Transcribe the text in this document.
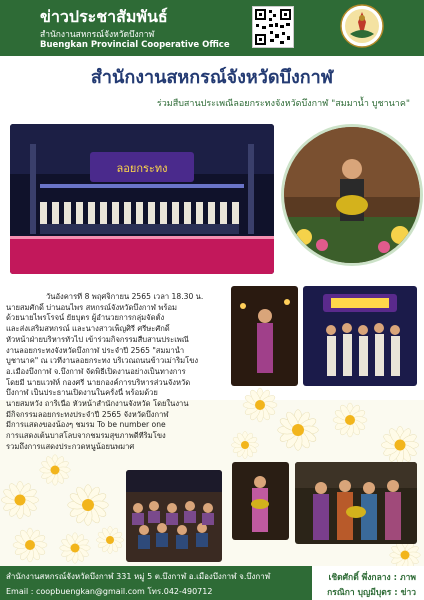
ข่าวประชาสัมพันธ์
สำนักงานสหกรณ์จังหวัดบึงกาฬ
Buengkan Provincial Cooperative Office
สำนักงานสหกรณ์จังหวัดบึงกาฬ
ร่วมสืบสานประเพณีลอยกระทงจังหวัดบึงกาฬ "สมมาน้ำ บูชานาค"
ลอยกระทง
วันอังคารที่ 8 พฤศจิกายน 2565 เวลา 18.30 น.
นายสมศักดิ์ บ่านอนไพร สหกรณ์จังหวัดบึงกาฬ พร้อม
ด้วยนายไพรโรจน์ ยัยบุตร ผู้อำนวยการกลุ่มจัดตั้ง
และส่งเสริมสหกรณ์ และนางสาวเพ็ญศิรี ศรีษะศักดิ์
หัวหน้าฝ่ายบริหารทั่วไป เข้าร่วมกิจกรรมสืบสานประเพณี
งานลอยกระทงจังหวัดบึงกาฬ ประจำปี 2565 "สมมาน้ำ
บูชานาค" ณ เวทีงานลอยกระทง บริเวณถนนข้าวเม่าริมโขง
อ.เมืองบึงกาฬ จ.บึงกาฬ จัดพิธีเปิดงานอย่างเป็นทางการ
โดยมี นายแวฬห์ กองศรี นายกองค์การบริหารส่วนจังหวัด
บึงกาฬ เป็นประธานเปิดงานในครั้งนี้ พร้อมด้วย
นายสมหวัง ถาริเนื่อ หัวหน้าสำนักงานจังหวัด โดยในงาน
มีกิจกรรมลอยกระทงประจำปี 2565 จังหวัดบึงกาฬ
มีการแสดงของน้องๆ ชมรม To be number one
การแสดงเต้นบาสโลบจากชมรมสุขภาพดีที่ริมโขง
รวมถึงการแสดงประกวดหนูน้อยนพมาศ
สำนักงานสหกรณ์จังหวัดบึงกาฬ 331 หมู่ 5 ต.บึงกาฬ อ.เมืองบึงกาฬ จ.บึงกาฬ
Email : coopbuengkan@gmail.com โทร.042-490712
เชิดศักดิ์ พึ่งกลาง : ภาพ
กรณิกา บุญมีบุตร : ข่าว
